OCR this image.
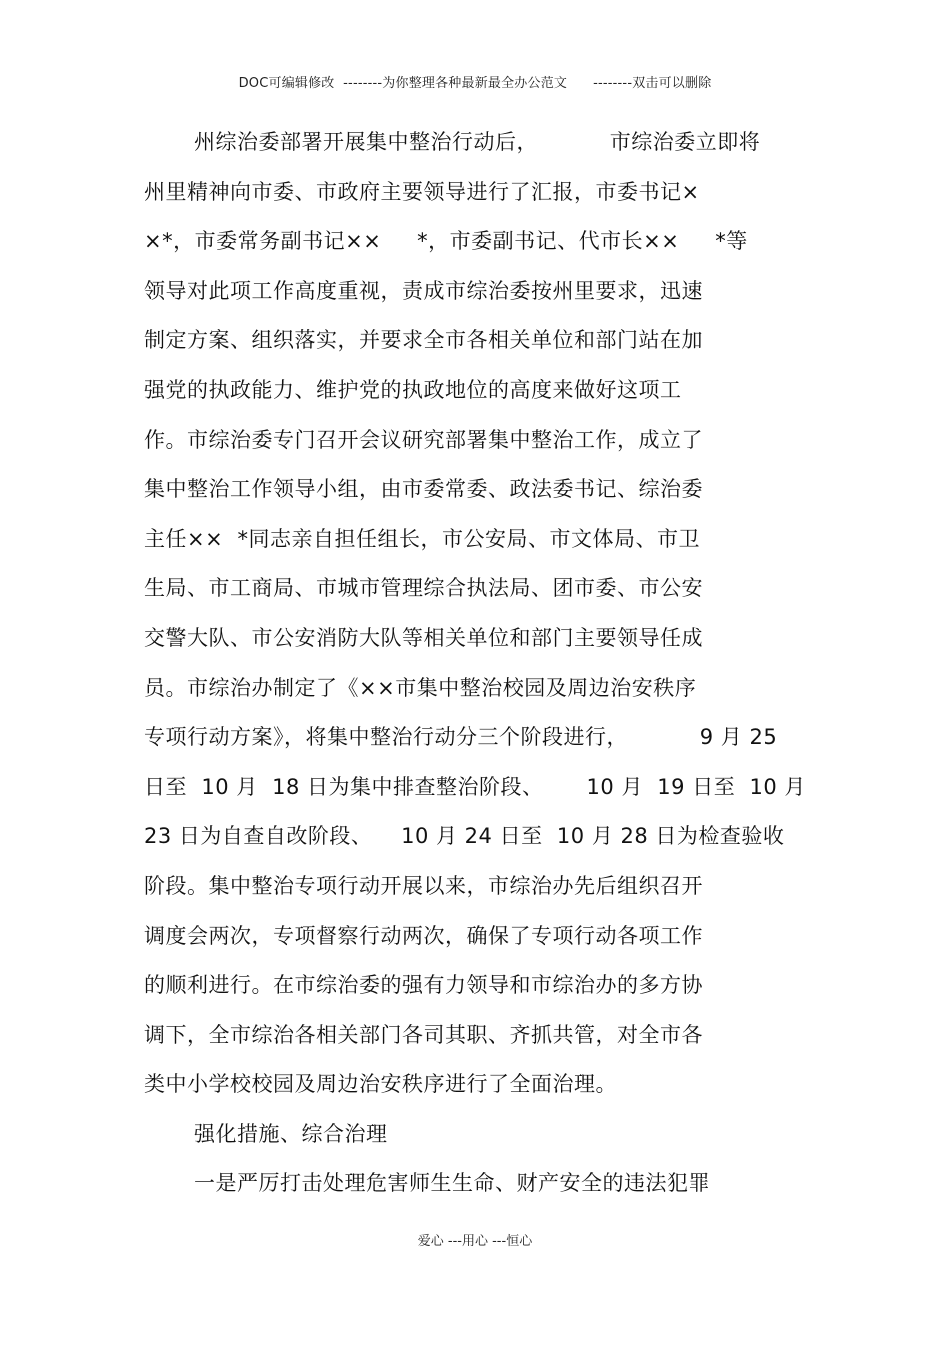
DOC可编辑修改  --------为你整理各种最新最全办公范文      --------双击可以删除
州综治委部署开展集中整治行动后，          市综治委立即将
州里精神向市委、市政府主要领导进行了汇报，市委书记×
×*，市委常务副书记××     *，市委副书记、代市长××     *等
领导对此项工作高度重视，责成市综治委按州里要求，迅速
制定方案、组织落实，并要求全市各相关单位和部门站在加
强党的执政能力、维护党的执政地位的高度来做好这项工
作。市综治委专门召开会议研究部署集中整治工作，成立了
集中整治工作领导小组，由市委常委、政法委书记、综治委
主任××  *同志亲自担任组长，市公安局、市文体局、市卫
生局、市工商局、市城市管理综合执法局、团市委、市公安
交警大队、市公安消防大队等相关单位和部门主要领导任成
员。市综治办制定了《××市集中整治校园及周边治安秩序
专项行动方案》，将集中整治行动分三个阶段进行，          9 月 25
日至  10 月  18 日为集中排查整治阶段、      10 月  19 日至  10 月
23 日为自查自改阶段、    10 月 24 日至  10 月 28 日为检查验收
阶段。集中整治专项行动开展以来，市综治办先后组织召开
调度会两次，专项督察行动两次，确保了专项行动各项工作
的顺利进行。在市综治委的强有力领导和市综治办的多方协
调下，全市综治各相关部门各司其职、齐抓共管，对全市各
类中小学校校园及周边治安秩序进行了全面治理。
强化措施、综合治理
一是严厉打击处理危害师生生命、财产安全的违法犯罪
爱心 ---用心 ---恒心
